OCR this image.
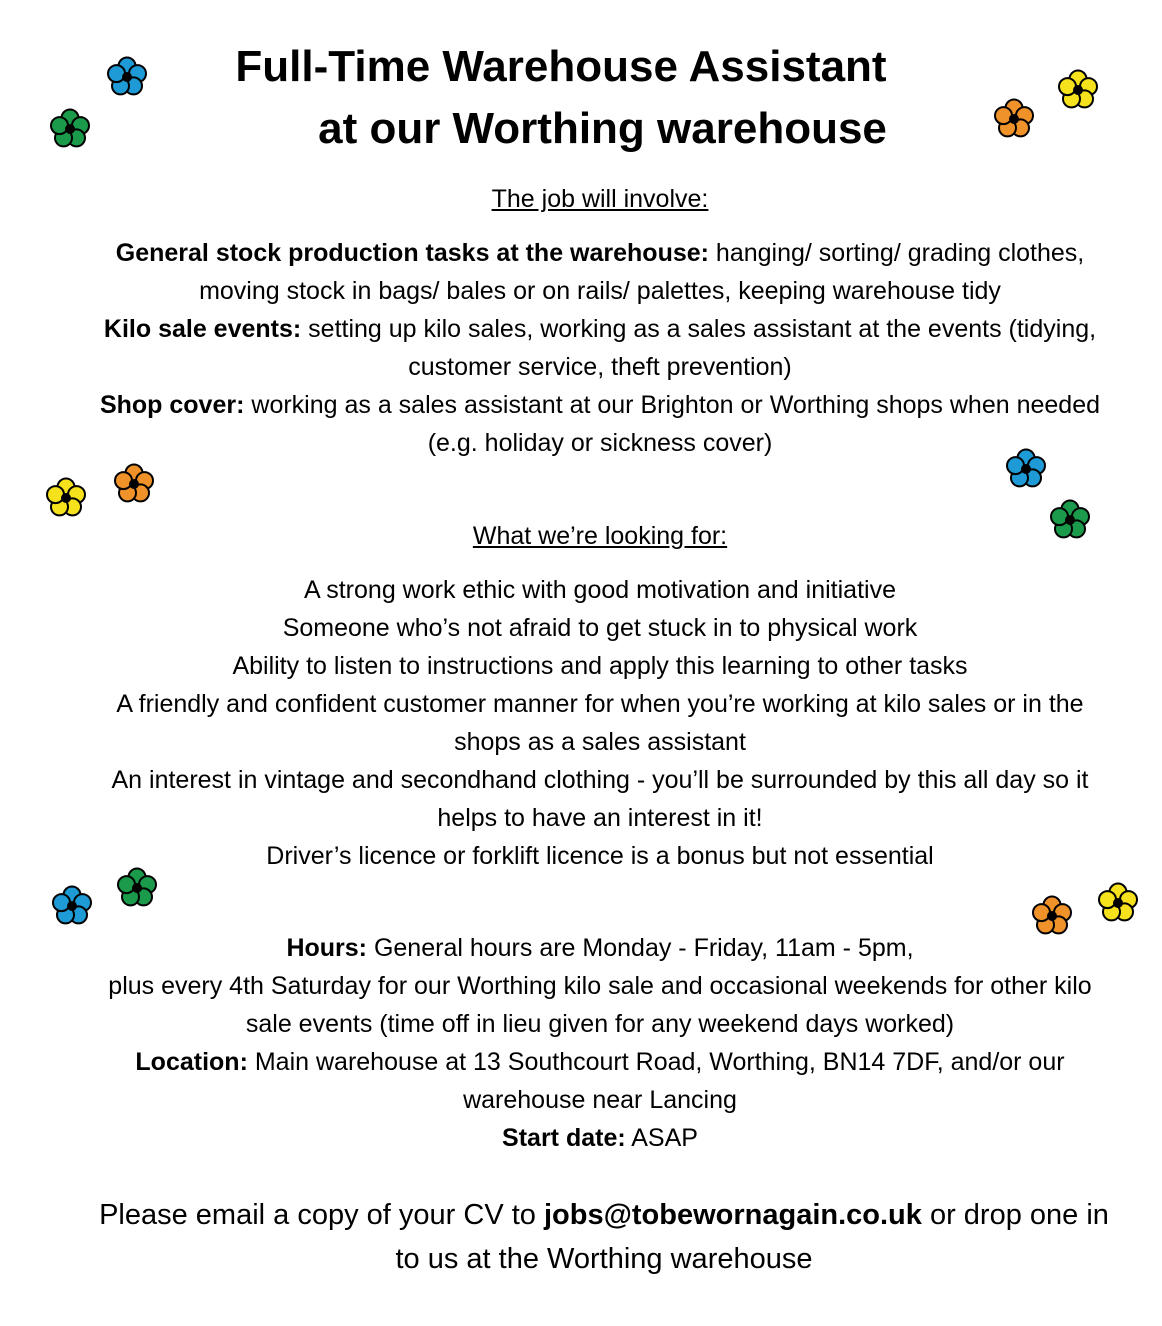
Full-Time Warehouse Assistant
at our Worthing warehouse
The job will involve:
General stock production tasks at the warehouse: hanging/ sorting/ grading clothes, moving stock in bags/ bales or on rails/ palettes, keeping warehouse tidy
Kilo sale events: setting up kilo sales, working as a sales assistant at the events (tidying, customer service, theft prevention)
Shop cover: working as a sales assistant at our Brighton or Worthing shops when needed (e.g. holiday or sickness cover)
What we’re looking for:
A strong work ethic with good motivation and initiative
Someone who’s not afraid to get stuck in to physical work
Ability to listen to instructions and apply this learning to other tasks
A friendly and confident customer manner for when you’re working at kilo sales or in the shops as a sales assistant
An interest in vintage and secondhand clothing - you’ll be surrounded by this all day so it helps to have an interest in it!
Driver’s licence or forklift licence is a bonus but not essential
Hours: General hours are Monday - Friday, 11am - 5pm,
plus every 4th Saturday for our Worthing kilo sale and occasional weekends for other kilo sale events (time off in lieu given for any weekend days worked)
Location: Main warehouse at 13 Southcourt Road, Worthing, BN14 7DF, and/or our warehouse near Lancing
Start date: ASAP
Please email a copy of your CV to jobs@tobewornagain.co.uk or drop one in to us at the Worthing warehouse
